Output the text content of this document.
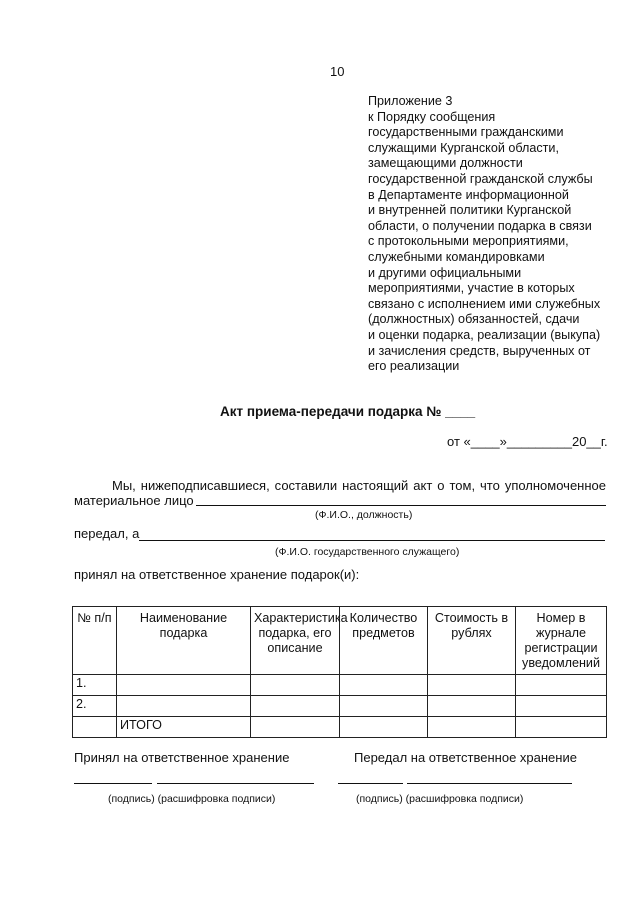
10
Приложение 3
к Порядку сообщения
государственными гражданскими
служащими Курганской области,
замещающими должности
государственной гражданской службы
в Департаменте информационной
и внутренней политики Курганской
области, о получении подарка в связи
с протокольными мероприятиями,
служебными командировками
и другими официальными
мероприятиями, участие в которых
связано с исполнением ими служебных
(должностных) обязанностей, сдачи
и оценки подарка, реализации (выкупа)
и зачисления средств, вырученных от
его реализации
Акт приема-передачи подарка № ____
от «____»_________20__г.
Мы, нижеподписавшиеся, составили настоящий акт о том, что уполномоченное материальное лицо
(Ф.И.О., должность)
передал, а
(Ф.И.О. государственного служащего)
принял на ответственное хранение подарок(и):
№ п/п	Наименование подарка	Характеристика подарка, его описание	Количество предметов	Стоимость в рублях	Номер в журнале регистрации уведомлений
1.					
2.					
	ИТОГО				
Принял на ответственное хранение	Передал на ответственное хранение
(подпись) (расшифровка подписи)	(подпись) (расшифровка подписи)
